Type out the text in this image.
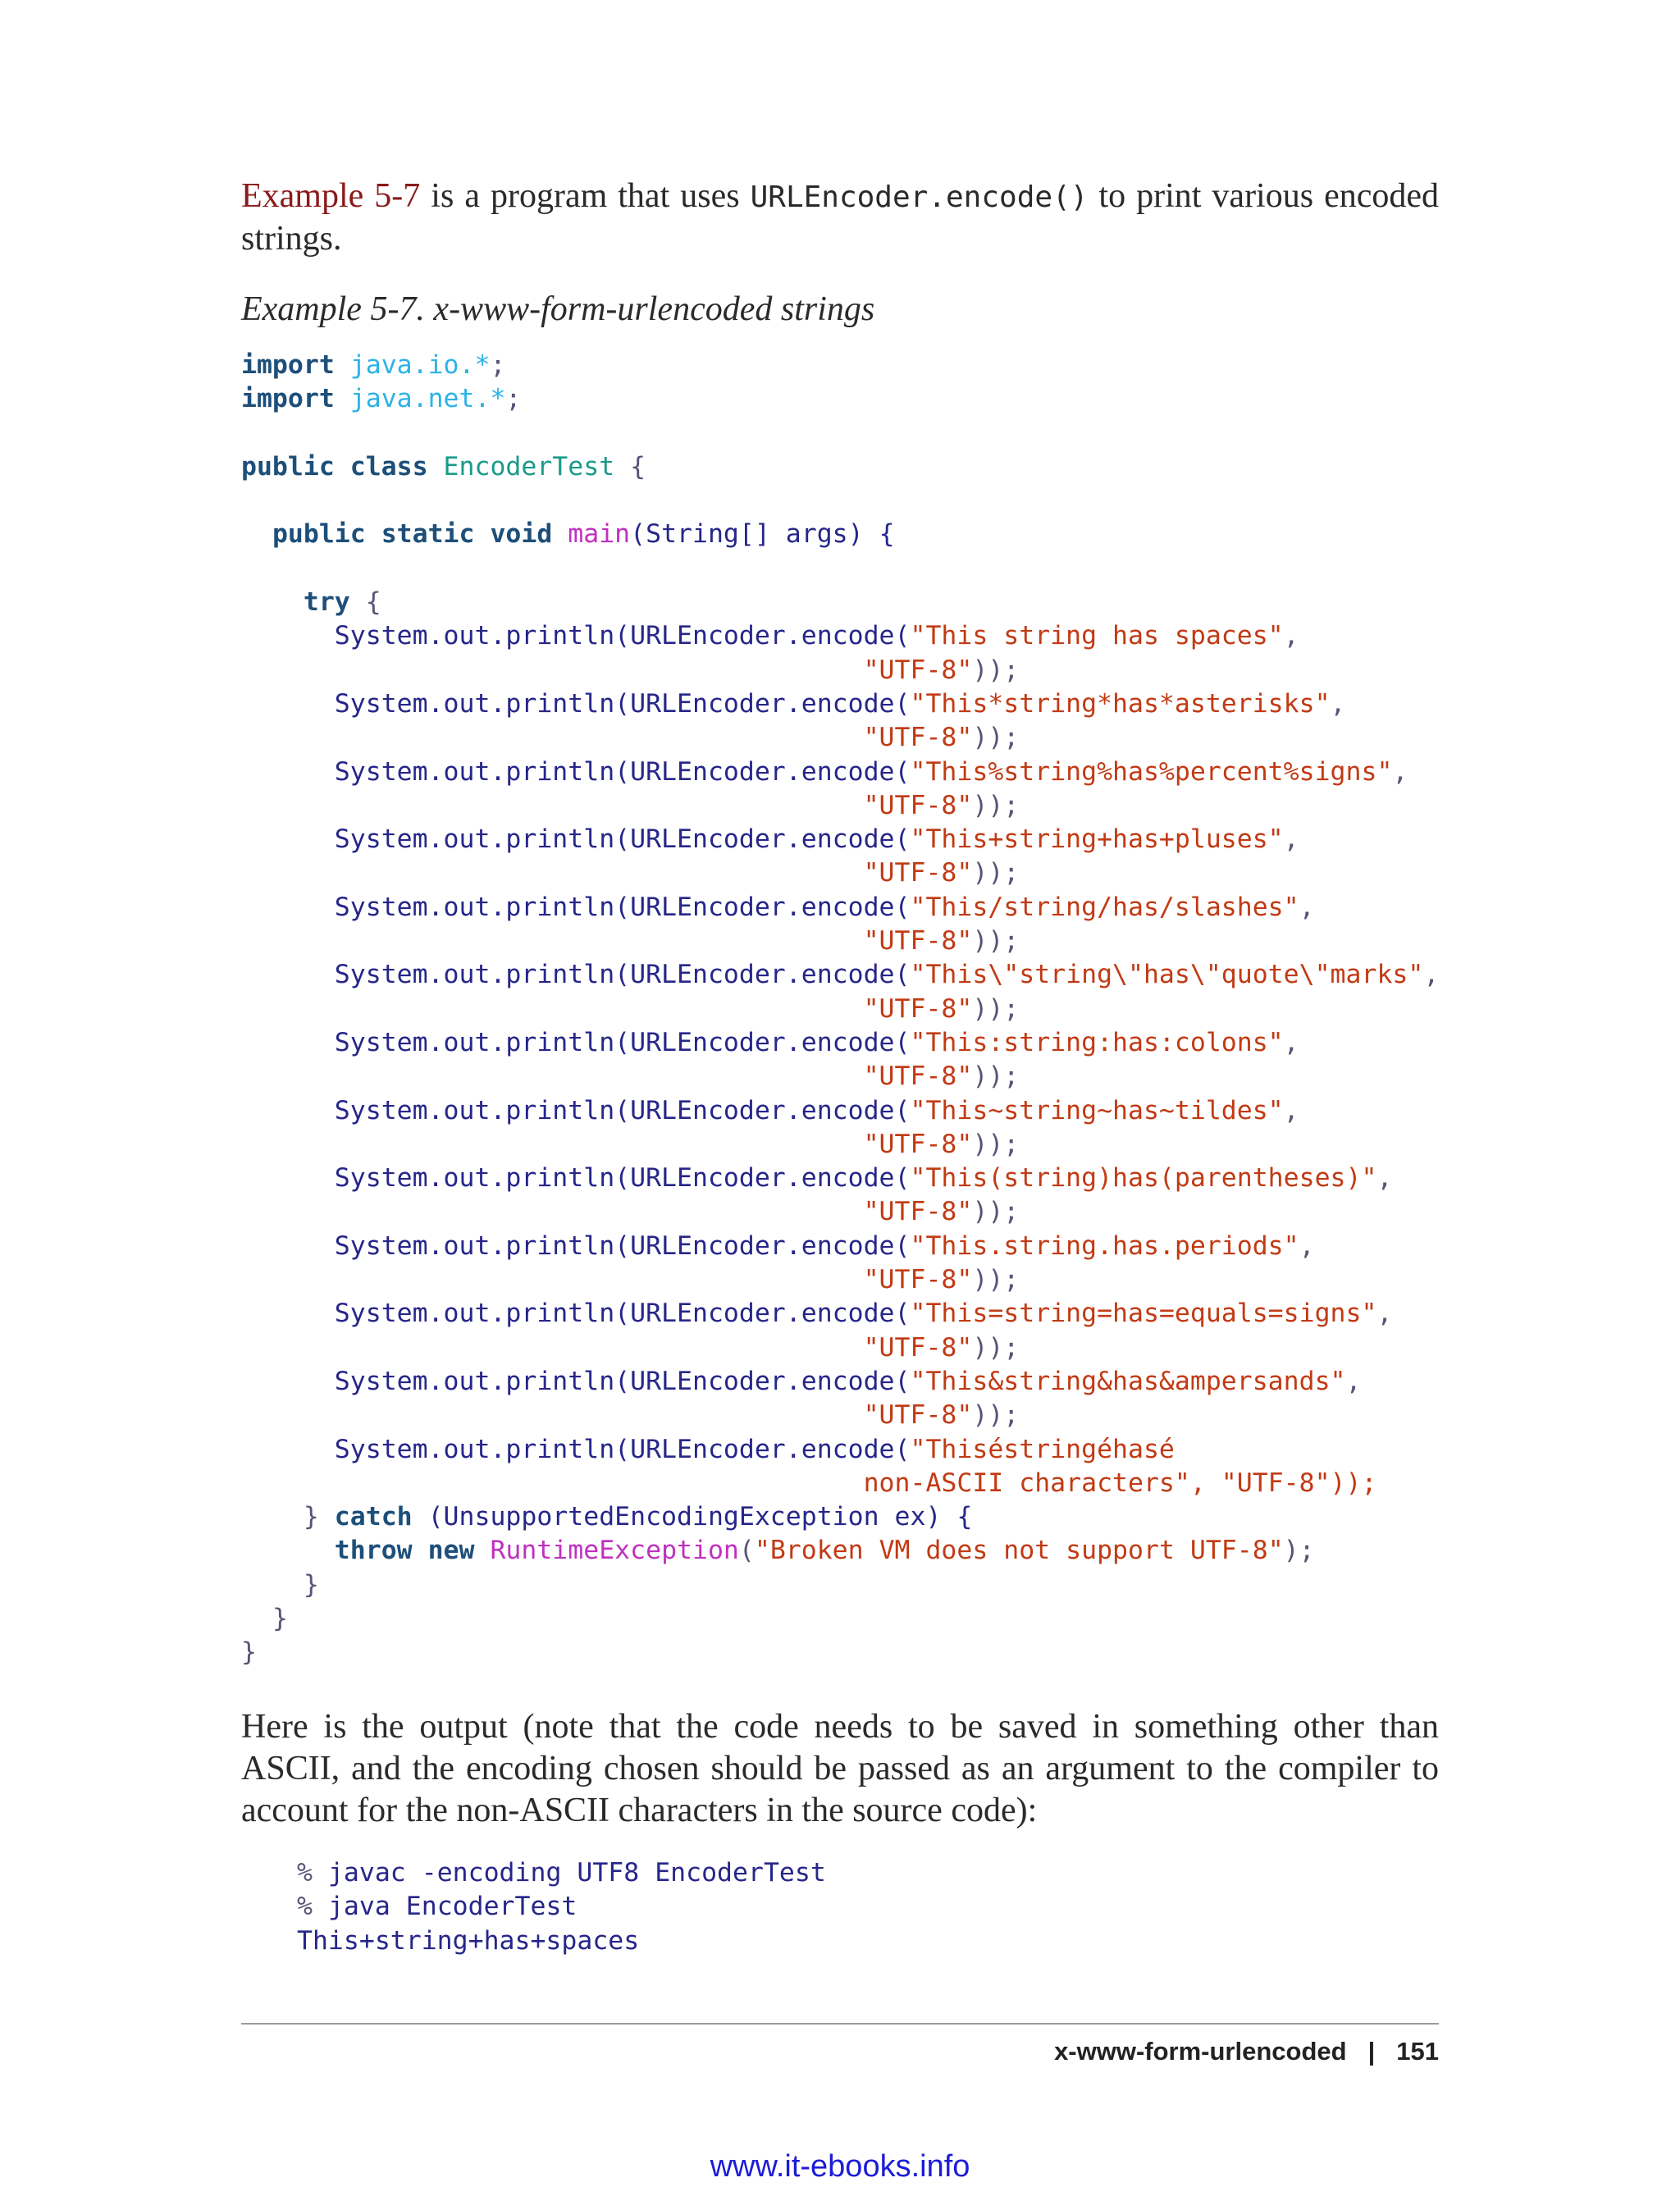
Example 5-7 is a program that uses URLEncoder.encode() to print various encoded strings.

Example 5-7. x-www-form-urlencoded strings
import java.io.*;
import java.net.*;

public class EncoderTest {

public static void main(String[] args) {

try {
System.out.println(URLEncoder.encode("This string has spaces",
"UTF-8"));
System.out.println(URLEncoder.encode("This*string*has*asterisks",
"UTF-8"));
System.out.println(URLEncoder.encode("This%string%has%percent%signs",
"UTF-8"));
System.out.println(URLEncoder.encode("This+string+has+pluses",
"UTF-8"));
System.out.println(URLEncoder.encode("This/string/has/slashes",
"UTF-8"));
System.out.println(URLEncoder.encode("This\"string\"has\"quote\"marks",
"UTF-8"));
System.out.println(URLEncoder.encode("This:string:has:colons",
"UTF-8"));
System.out.println(URLEncoder.encode("This~string~has~tildes",
"UTF-8"));
System.out.println(URLEncoder.encode("This(string)has(parentheses)",
"UTF-8"));
System.out.println(URLEncoder.encode("This.string.has.periods",
"UTF-8"));
System.out.println(URLEncoder.encode("This=string=has=equals=signs",
"UTF-8"));
System.out.println(URLEncoder.encode("This&string&has&ampersands",
"UTF-8"));
System.out.println(URLEncoder.encode("Thiséstringéhasé
non-ASCII characters", "UTF-8"));
} catch (UnsupportedEncodingException ex) {
throw new RuntimeException("Broken VM does not support UTF-8");
}
}
}

Here is the output (note that the code needs to be saved in something other than ASCII, and the encoding chosen should be passed as an argument to the compiler to account for the non-ASCII characters in the source code):

% javac -encoding UTF8 EncoderTest
% java EncoderTest
This+string+has+spaces
x-www-form-urlencoded | 151
www.it-ebooks.info
